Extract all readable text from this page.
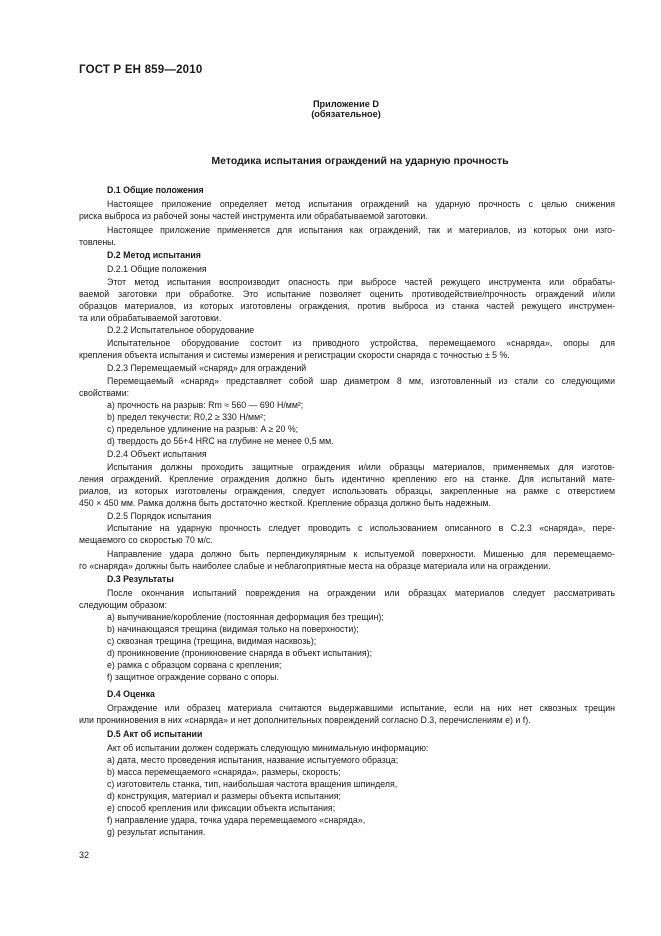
ГОСТ Р ЕН 859—2010
Приложение D
(обязательное)
Методика испытания ограждений на ударную прочность
D.1 Общие положения
Настоящее приложение определяет метод испытания ограждений на ударную прочность с целью снижения
риска выброса из рабочей зоны частей инструмента или обрабатываемой заготовки.
Настоящее приложение применяется для испытания как ограждений, так и материалов, из которых они изго-
товлены.
D.2 Метод испытания
D.2.1 Общие положения
Этот метод испытания воспроизводит опасность при выбросе частей режущего инструмента или обрабаты-
ваемой заготовки при обработке. Это испытание позволяет оценить противодействие/прочность ограждений и/или
образцов материалов, из которых изготовлены ограждения, против выброса из станка частей режущего инструмен-
та или обрабатываемой заготовки.
D.2.2 Испытательное оборудование
Испытательное оборудование состоит из приводного устройства, перемещаемого «снаряда», опоры для
крепления объекта испытания и системы измерения и регистрации скорости снаряда с точностью ± 5 %.
D.2.3 Перемещаемый «снаряд» для ограждений
Перемещаемый «снаряд» представляет собой шар диаметром 8 мм, изготовленный из стали со следующими
свойствами:
a) прочность на разрыв: Rm ≈ 560 — 690 Н/мм²;
b) предел текучести: R0,2 ≥ 330 Н/мм²;
c) предельное удлинение на разрыв: A ≥ 20 %;
d) твердость до 56+4 HRC на глубине не менее 0,5 мм.
D.2.4 Объект испытания
Испытания должны проходить защитные ограждения и/или образцы материалов, применяемых для изготов-
ления ограждений. Крепление ограждения должно быть идентично креплению его на станке. Для испытаний мате-
риалов, из которых изготовлены ограждения, следует использовать образцы, закрепленные на рамке с отверстием
450 × 450 мм. Рамка должна быть достаточно жесткой. Крепление образца должно быть надежным.
D.2.5 Порядок испытания
Испытание на ударную прочность следует проводить с использованием описанного в С.2.3 «снаряда», пере-
мещаемого со скоростью 70 м/с.
Направление удара должно быть перпендикулярным к испытуемой поверхности. Мишенью для перемещаемо-
го «снаряда» должны быть наиболее слабые и неблагоприятные места на образце материала или на ограждении.
D.3 Результаты
После окончания испытаний повреждения на ограждении или образцах материалов следует рассматривать
следующим образом:
a) выпучивание/коробление (постоянная деформация без трещин);
b) начинающаяся трещина (видимая только на поверхности);
c) сквозная трещина (трещина, видимая насквозь);
d) проникновение (проникновение снаряда в объект испытания);
e) рамка с образцом сорвана с крепления;
f) защитное ограждение сорвано с опоры.
D.4 Оценка
Ограждение или образец материала считаются выдержавшими испытание, если на них нет сквозных трещин
или проникновения в них «снаряда» и нет дополнительных повреждений согласно D.3, перечислениям e) и f).
D.5 Акт об испытании
Акт об испытании должен содержать следующую минимальную информацию:
a) дата, место проведения испытания, название испытуемого образца;
b) масса перемещаемого «снаряда», размеры, скорость;
c) изготовитель станка, тип, наибольшая частота вращения шпинделя,
d) конструкция, материал и размеры объекта испытания;
e) способ крепления или фиксации объекта испытания;
f) направление удара, точка удара перемещаемого «снаряда»,
g) результат испытания.
32
